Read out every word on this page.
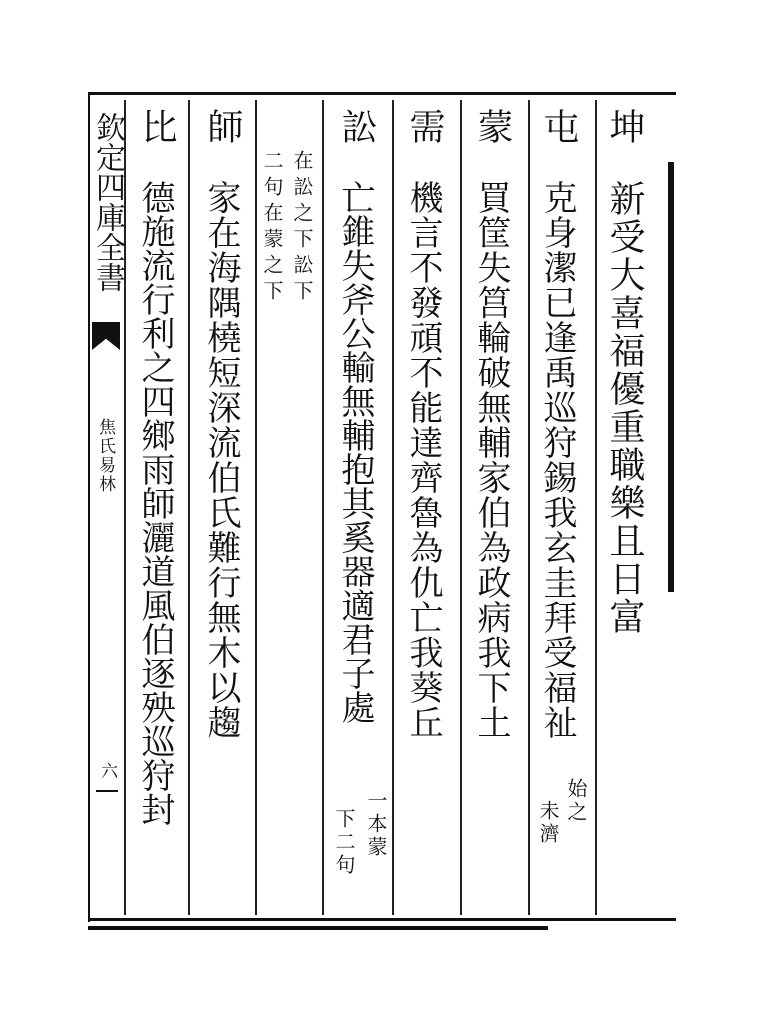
欽定四庫全書
焦氏易林
六
坤
新受大喜福優重職樂且日富
屯
克身潔已逢禹巡狩錫我玄圭拜受福祉
始之
未濟
蒙
買筐失筥輪破無輔家伯為政病我下土
需
機言不發頑不能達齊魯為仇亡我葵丘
訟
亡錐失斧公輸無輔抱其奚器適君子處
一本蒙
下二句
在訟之下訟下
二句在蒙之下
師
家在海隅橈短深流伯氏難行無木以趨
比
德施流行利之四鄉雨師灑道風伯逐殃巡狩封
